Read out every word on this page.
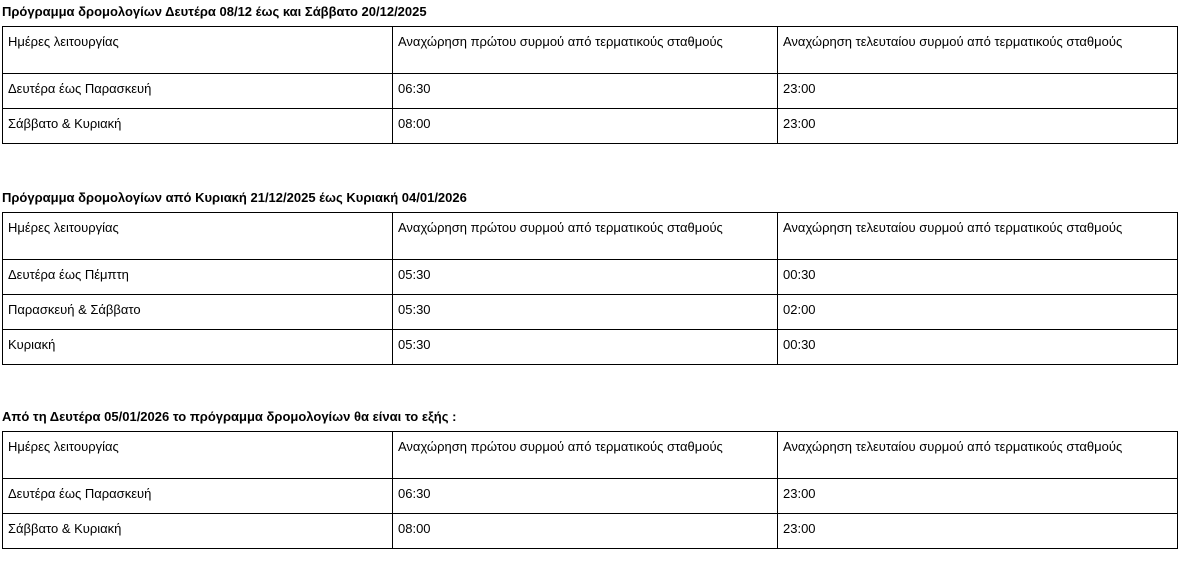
Πρόγραμμα δρομολογίων Δευτέρα 08/12 έως και Σάββατο 20/12/2025

Ημέρες λειτουργίας	Αναχώρηση πρώτου συρμού από τερματικούς σταθμούς	Αναχώρηση τελευταίου συρμού από τερματικούς σταθμούς
Δευτέρα έως Παρασκευή	06:30	23:00
Σάββατο & Κυριακή	08:00	23:00

Πρόγραμμα δρομολογίων από Κυριακή 21/12/2025 έως Κυριακή 04/01/2026

Ημέρες λειτουργίας	Αναχώρηση πρώτου συρμού από τερματικούς σταθμούς	Αναχώρηση τελευταίου συρμού από τερματικούς σταθμούς
Δευτέρα έως Πέμπτη	05:30	00:30
Παρασκευή & Σάββατο	05:30	02:00
Κυριακή	05:30	00:30

Από τη Δευτέρα 05/01/2026 το πρόγραμμα δρομολογίων θα είναι το εξής :

Ημέρες λειτουργίας	Αναχώρηση πρώτου συρμού από τερματικούς σταθμούς	Αναχώρηση τελευταίου συρμού από τερματικούς σταθμούς
Δευτέρα έως Παρασκευή	06:30	23:00
Σάββατο & Κυριακή	08:00	23:00
